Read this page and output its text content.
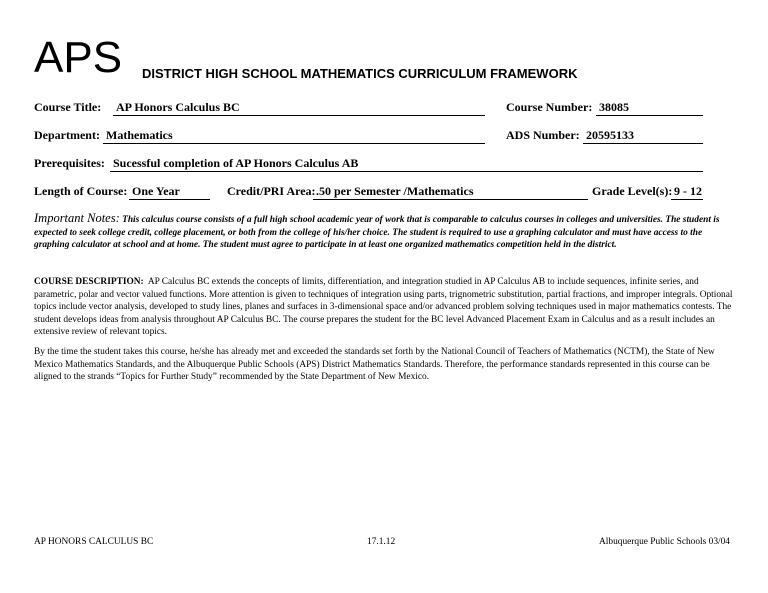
APS DISTRICT HIGH SCHOOL MATHEMATICS CURRICULUM FRAMEWORK
Course Title: AP Honors Calculus BC	Course Number: 38085
Department: Mathematics	ADS Number: 20595133
Prerequisites: Sucessful completion of AP Honors Calculus AB
Length of Course: One Year	Credit/PRI Area: .50 per Semester /Mathematics	Grade Level(s): 9 - 12
Important Notes: This calculus course consists of a full high school academic year of work that is comparable to calculus courses in colleges and universities. The student is expected to seek college credit, college placement, or both from the college of his/her choice. The student is required to use a graphing calculator and must have access to the graphing calculator at school and at home. The student must agree to participate in at least one organized mathematics competition held in the district.
COURSE DESCRIPTION: AP Calculus BC extends the concepts of limits, differentiation, and integration studied in AP Calculus AB to include sequences, infinite series, and parametric, polar and vector valued functions. More attention is given to techniques of integration using parts, trignometric substitution, partial fractions, and improper integrals. Optional topics include vector analysis, developed to study lines, planes and surfaces in 3-dimensional space and/or advanced problem solving techniques used in major mathematics contests. The student develops ideas from analysis throughout AP Calculus BC. The course prepares the student for the BC level Advanced Placement Exam in Calculus and as a result includes an extensive review of relevant topics.
By the time the student takes this course, he/she has already met and exceeded the standards set forth by the National Council of Teachers of Mathematics (NCTM), the State of New Mexico Mathematics Standards, and the Albuquerque Public Schools (APS) District Mathematics Standards. Therefore, the performance standards represented in this course can be aligned to the strands “Topics for Further Study” recommended by the State Department of New Mexico.
AP HONORS CALCULUS BC	17.1.12	Albuquerque Public Schools 03/04
